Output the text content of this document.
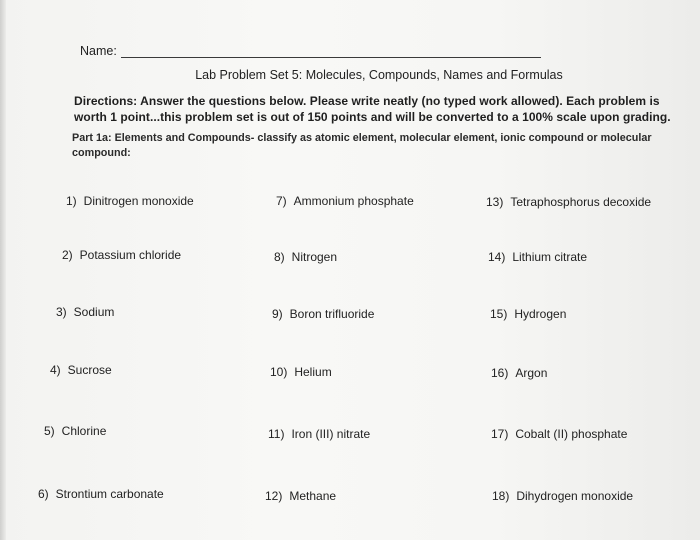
Name:
Lab Problem Set 5: Molecules, Compounds, Names and Formulas
Directions: Answer the questions below. Please write neatly (no typed work allowed). Each problem is worth 1 point...this problem set is out of 150 points and will be converted to a 100% scale upon grading.
Part 1a: Elements and Compounds- classify as atomic element, molecular element, ionic compound or molecular compound:
1) Dinitrogen monoxide
2) Potassium chloride
3) Sodium
4) Sucrose
5) Chlorine
6) Strontium carbonate
7) Ammonium phosphate
8) Nitrogen
9) Boron trifluoride
10) Helium
11) Iron (III) nitrate
12) Methane
13) Tetraphosphorus decoxide
14) Lithium citrate
15) Hydrogen
16) Argon
17) Cobalt (II) phosphate
18) Dihydrogen monoxide
